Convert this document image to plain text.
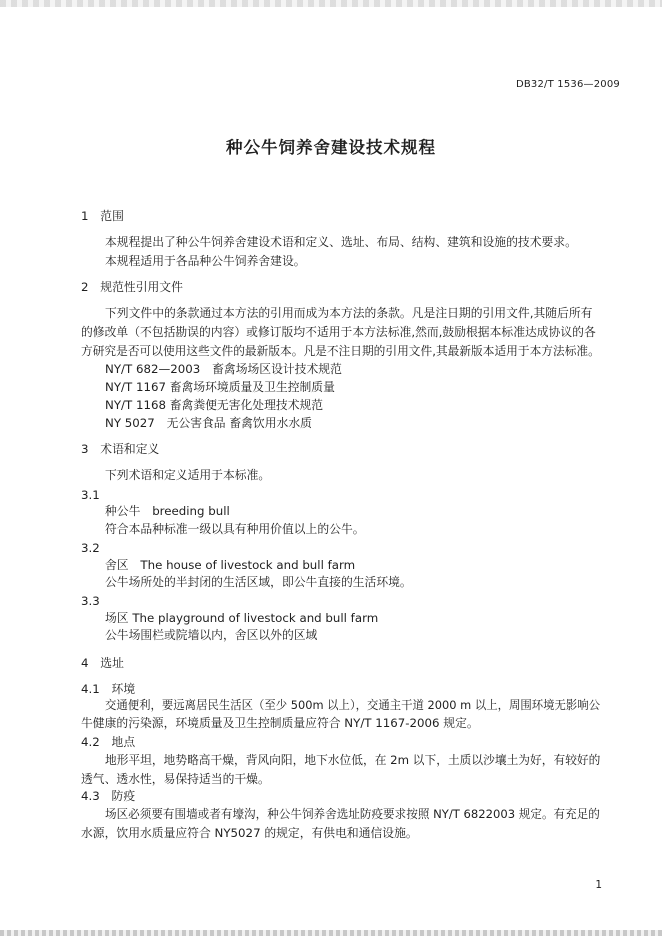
DB32/T 1536—2009
种公牛饲养舍建设技术规程
1　范围
本规程提出了种公牛饲养舍建设术语和定义、选址、布局、结构、建筑和设施的技术要求。
本规程适用于各品种公牛饲养舍建设。
2　规范性引用文件
下列文件中的条款通过本方法的引用而成为本方法的条款。凡是注日期的引用文件,其随后所有
的修改单（不包括勘误的内容）或修订版均不适用于本方法标准,然而,鼓励根据本标准达成协议的各
方研究是否可以使用这些文件的最新版本。凡是不注日期的引用文件,其最新版本适用于本方法标准。
NY/T 682—2003　畜禽场场区设计技术规范
NY/T 1167 畜禽场环境质量及卫生控制质量
NY/T 1168 畜禽粪便无害化处理技术规范
NY 5027　无公害食品 畜禽饮用水水质
3　术语和定义
下列术语和定义适用于本标准。
3.1
种公牛　breeding bull
符合本品种标准一级以具有种用价值以上的公牛。
3.2
舍区　The house of livestock and bull farm
公牛场所处的半封闭的生活区域，即公牛直接的生活环境。
3.3
场区 The playground of livestock and bull farm
公牛场围栏或院墙以内，舍区以外的区域
4　选址
4.1　环境
交通便利，要远离居民生活区（至少 500m 以上），交通主干道 2000 m 以上，周围环境无影响公
牛健康的污染源，环境质量及卫生控制质量应符合 NY/T 1167-2006 规定。
4.2　地点
地形平坦，地势略高干燥，背风向阳，地下水位低，在 2m 以下，土质以沙壤土为好，有较好的
透气、透水性，易保持适当的干燥。
4.3　防疫
场区必须要有围墙或者有壕沟，种公牛饲养舍选址防疫要求按照 NY/T 6822003 规定。有充足的
水源，饮用水质量应符合 NY5027 的规定，有供电和通信设施。
1
